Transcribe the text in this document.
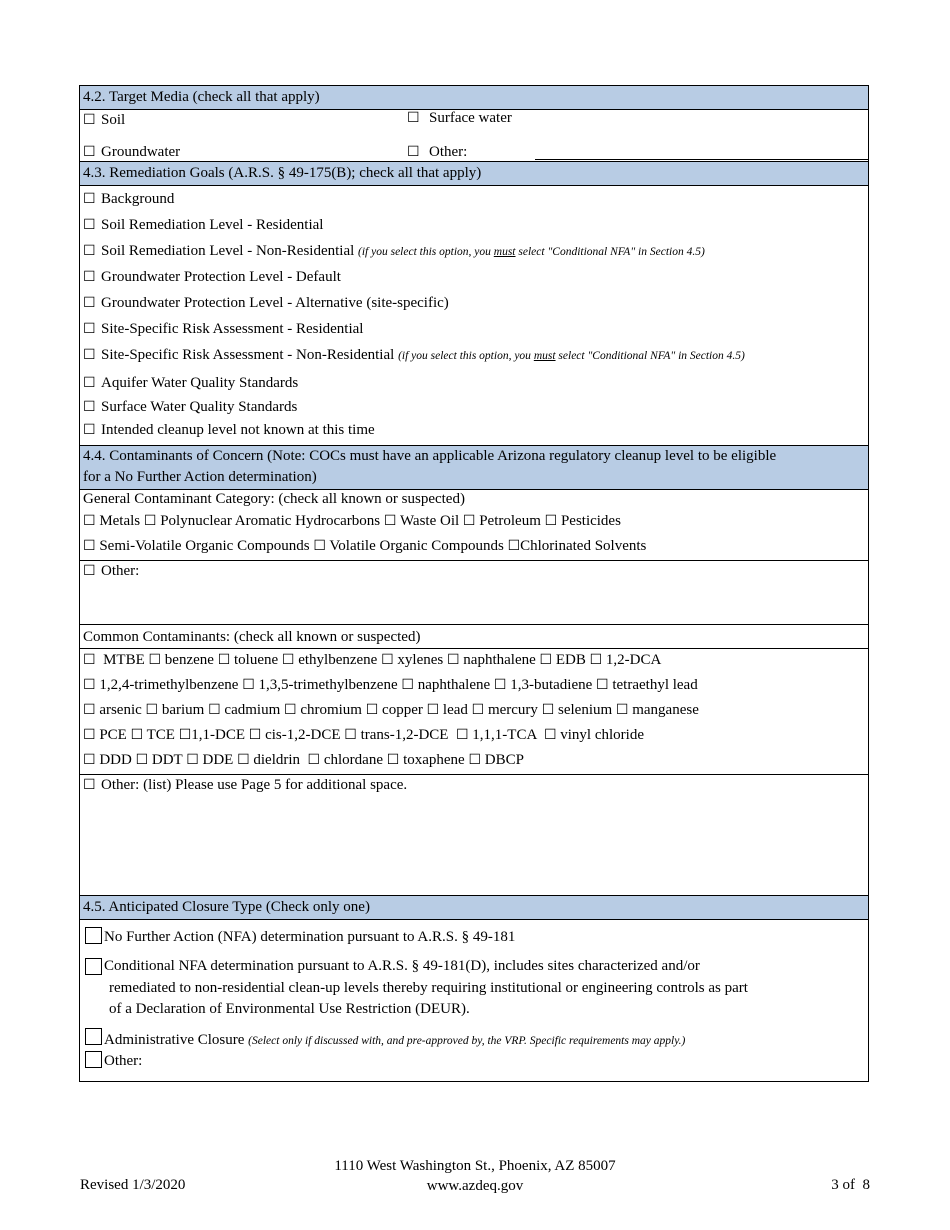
4.2. Target Media (check all that apply)
☐ Soil	☐ Surface water
☐ Groundwater	☐ Other:
4.3. Remediation Goals (A.R.S. § 49-175(B); check all that apply)
☐ Background
☐ Soil Remediation Level - Residential
☐ Soil Remediation Level - Non-Residential (if you select this option, you must select "Conditional NFA" in Section 4.5)
☐ Groundwater Protection Level - Default
☐ Groundwater Protection Level - Alternative (site-specific)
☐ Site-Specific Risk Assessment - Residential
☐ Site-Specific Risk Assessment - Non-Residential (if you select this option, you must select "Conditional NFA" in Section 4.5)
☐ Aquifer Water Quality Standards
☐ Surface Water Quality Standards
☐ Intended cleanup level not known at this time
4.4. Contaminants of Concern (Note: COCs must have an applicable Arizona regulatory cleanup level to be eligible
for a No Further Action determination)
General Contaminant Category: (check all known or suspected)
☐ Metals ☐ Polynuclear Aromatic Hydrocarbons ☐ Waste Oil ☐ Petroleum ☐ Pesticides
☐ Semi-Volatile Organic Compounds ☐ Volatile Organic Compounds ☐Chlorinated Solvents
☐ Other:
Common Contaminants: (check all known or suspected)
☐ MTBE ☐ benzene ☐ toluene ☐ ethylbenzene ☐ xylenes ☐ naphthalene ☐ EDB ☐ 1,2-DCA
☐ 1,2,4-trimethylbenzene ☐ 1,3,5-trimethylbenzene ☐ naphthalene ☐ 1,3-butadiene ☐ tetraethyl lead
☐ arsenic ☐ barium ☐ cadmium ☐ chromium ☐ copper ☐ lead ☐ mercury ☐ selenium ☐ manganese
☐ PCE ☐ TCE ☐1,1-DCE ☐ cis-1,2-DCE ☐ trans-1,2-DCE ☐ 1,1,1-TCA ☐ vinyl chloride
☐ DDD ☐ DDT ☐ DDE ☐ dieldrin ☐ chlordane ☐ toxaphene ☐ DBCP
☐ Other: (list) Please use Page 5 for additional space.
4.5. Anticipated Closure Type (Check only one)
No Further Action (NFA) determination pursuant to A.R.S. § 49-181
Conditional NFA determination pursuant to A.R.S. § 49-181(D), includes sites characterized and/or
remediated to non-residential clean-up levels thereby requiring institutional or engineering controls as part
of a Declaration of Environmental Use Restriction (DEUR).
Administrative Closure (Select only if discussed with, and pre-approved by, the VRP. Specific requirements may apply.)
Other:
Revised 1/3/2020
1110 West Washington St., Phoenix, AZ 85007
www.azdeq.gov	3 of  8
